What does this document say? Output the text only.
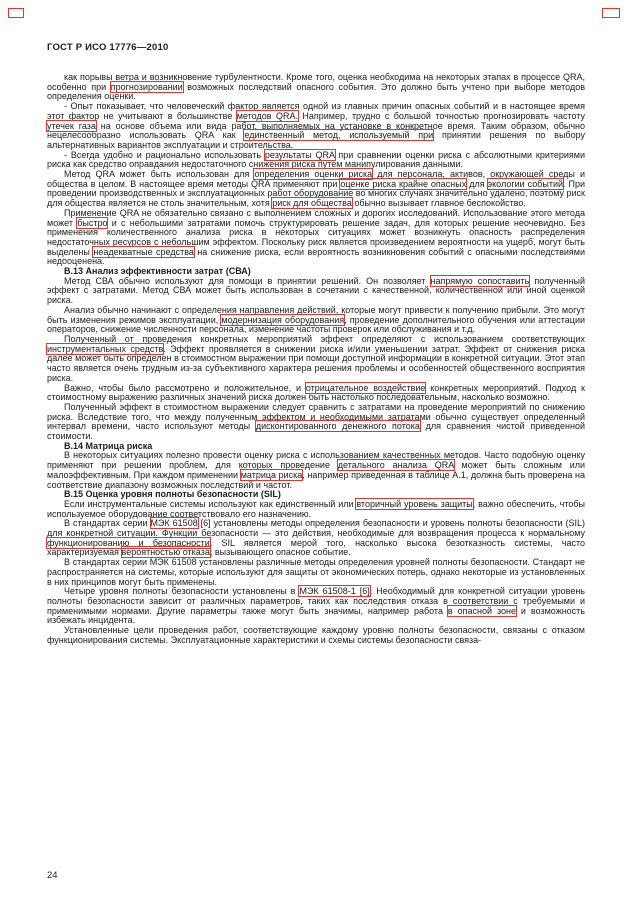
ГОСТ Р ИСО 17776—2010

как порывы ветра и возникновение турбулентности. Кроме того, оценка необходима на некоторых этапах в процессе QRA, особенно при прогнозировании возможных последствий опасного события. Это должно быть учтено при выборе методов определения оценки.

- Опыт показывает, что человеческий фактор является одной из главных причин опасных событий и в настоящее время этот фактор не учитывают в большинстве методов QRA. Например, трудно с большой точностью прогнозировать частоту утечек газа на основе объема или вида работ, выполняемых на установке в конкретное время. Таким образом, обычно нецелесообразно использовать QRA как единственный метод, используемый при принятии решения по выбору альтернативных вариантов эксплуатации и строительства.

- Всегда удобно и рационально использовать результаты QRA при сравнении оценки риска с абсолютными критериями риска как средство оправдания недостаточного снижения риска путем манипулирования данными.

Метод QRA может быть использован для определения оценки риска для персонала, активов, окружающей среды и общества в целом. В настоящее время методы QRA применяют при оценке риска крайне опасных для экологии событий. При проведении производственных и эксплуатационных работ оборудование во многих случаях значительно удалено, поэтому риск для общества является не столь значительным, хотя риск для общества обычно вызывает главное беспокойство.

Применение QRA не обязательно связано с выполнением сложных и дорогих исследований. Использование этого метода может быстро и с небольшими затратами помочь структурировать решение задач, для которых решение неочевидно. Без применения количественного анализа риска в некоторых ситуациях может возникнуть опасность распределения недостаточных ресурсов с небольшим эффектом. Поскольку риск является произведением вероятности на ущерб, могут быть выделены неадекватные средства на снижение риска, если вероятность возникновения событий с опасными последствиями недооценена.

В.13 Анализ эффективности затрат (СВА)

Метод СВА обычно используют для помощи в принятии решений. Он позволяет напрямую сопоставить полученный эффект с затратами. Метод СВА может быть использован в сочетании с качественной, количественной или иной оценкой риска.

Анализ обычно начинают с определения направления действий, которые могут привести к получению прибыли. Это могут быть изменения режимов эксплуатации, модернизация оборудования, проведение дополнительного обучения или аттестации операторов, снижение численности персонала, изменение частоты проверок или обслуживания и т.д.

Полученный от проведения конкретных мероприятий эффект определяют с использованием соответствующих инструментальных средств. Эффект проявляется в снижении риска и/или уменьшении затрат. Эффект от снижения риска далее может быть определен в стоимостном выражении при помощи доступной информации в конкретной ситуации. Этот этап часто является очень трудным из-за субъективного характера решения проблемы и особенностей общественного восприятия риска.

Важно, чтобы было рассмотрено и положительное, и отрицательное воздействие конкретных мероприятий. Подход к стоимостному выражению различных значений риска должен быть настолько последовательным, насколько возможно.

Полученный эффект в стоимостном выражении следует сравнить с затратами на проведение мероприятий по снижению риска. Вследствие того, что между полученным эффектом и необходимыми затратами обычно существует определенный интервал времени, часто используют методы дисконтированного денежного потока для сравнения чистой приведенной стоимости.

В.14 Матрица риска

В некоторых ситуациях полезно провести оценку риска с использованием качественных методов. Часто подобную оценку применяют при решении проблем, для которых проведение детального анализа QRA может быть сложным или малоэффективным. При каждом применении матрица риска, например приведенная в таблице А.1, должна быть проверена на соответствие диапазону возможных последствий и частот.

В.15 Оценка уровня полноты безопасности (SIL)

Если инструментальные системы используют как единственный или вторичный уровень защиты, важно обеспечить, чтобы используемое оборудование соответствовало его назначению.

В стандартах серии МЭК 61508 [6] установлены методы определения безопасности и уровень полноты безопасности (SIL) для конкретной ситуации. Функции безопасности — это действия, необходимые для возвращения процесса к нормальному функционированию и безопасности. SIL является мерой того, насколько высока безотказность системы, часто характеризуемая вероятностью отказа, вызывающего опасное событие.

В стандартах серии МЭК 61508 установлены различные методы определения уровней полноты безопасности. Стандарт не распространяется на системы, которые используют для защиты от экономических потерь, однако некоторые из установленных в них принципов могут быть применены.

Четыре уровня полноты безопасности установлены в МЭК 61508-1 [6]. Необходимый для конкретной ситуации уровень полноты безопасности зависит от различных параметров, таких как последствия отказа в соответствии с требуемыми и применимыми нормами. Другие параметры также могут быть значимы, например работа в опасной зоне и возможность избежать инцидента.

Установленные цели проведения работ, соответствующие каждому уровню полноты безопасности, связаны с отказом функционирования системы. Эксплуатационные характеристики и схемы системы безопасности связа-

24
